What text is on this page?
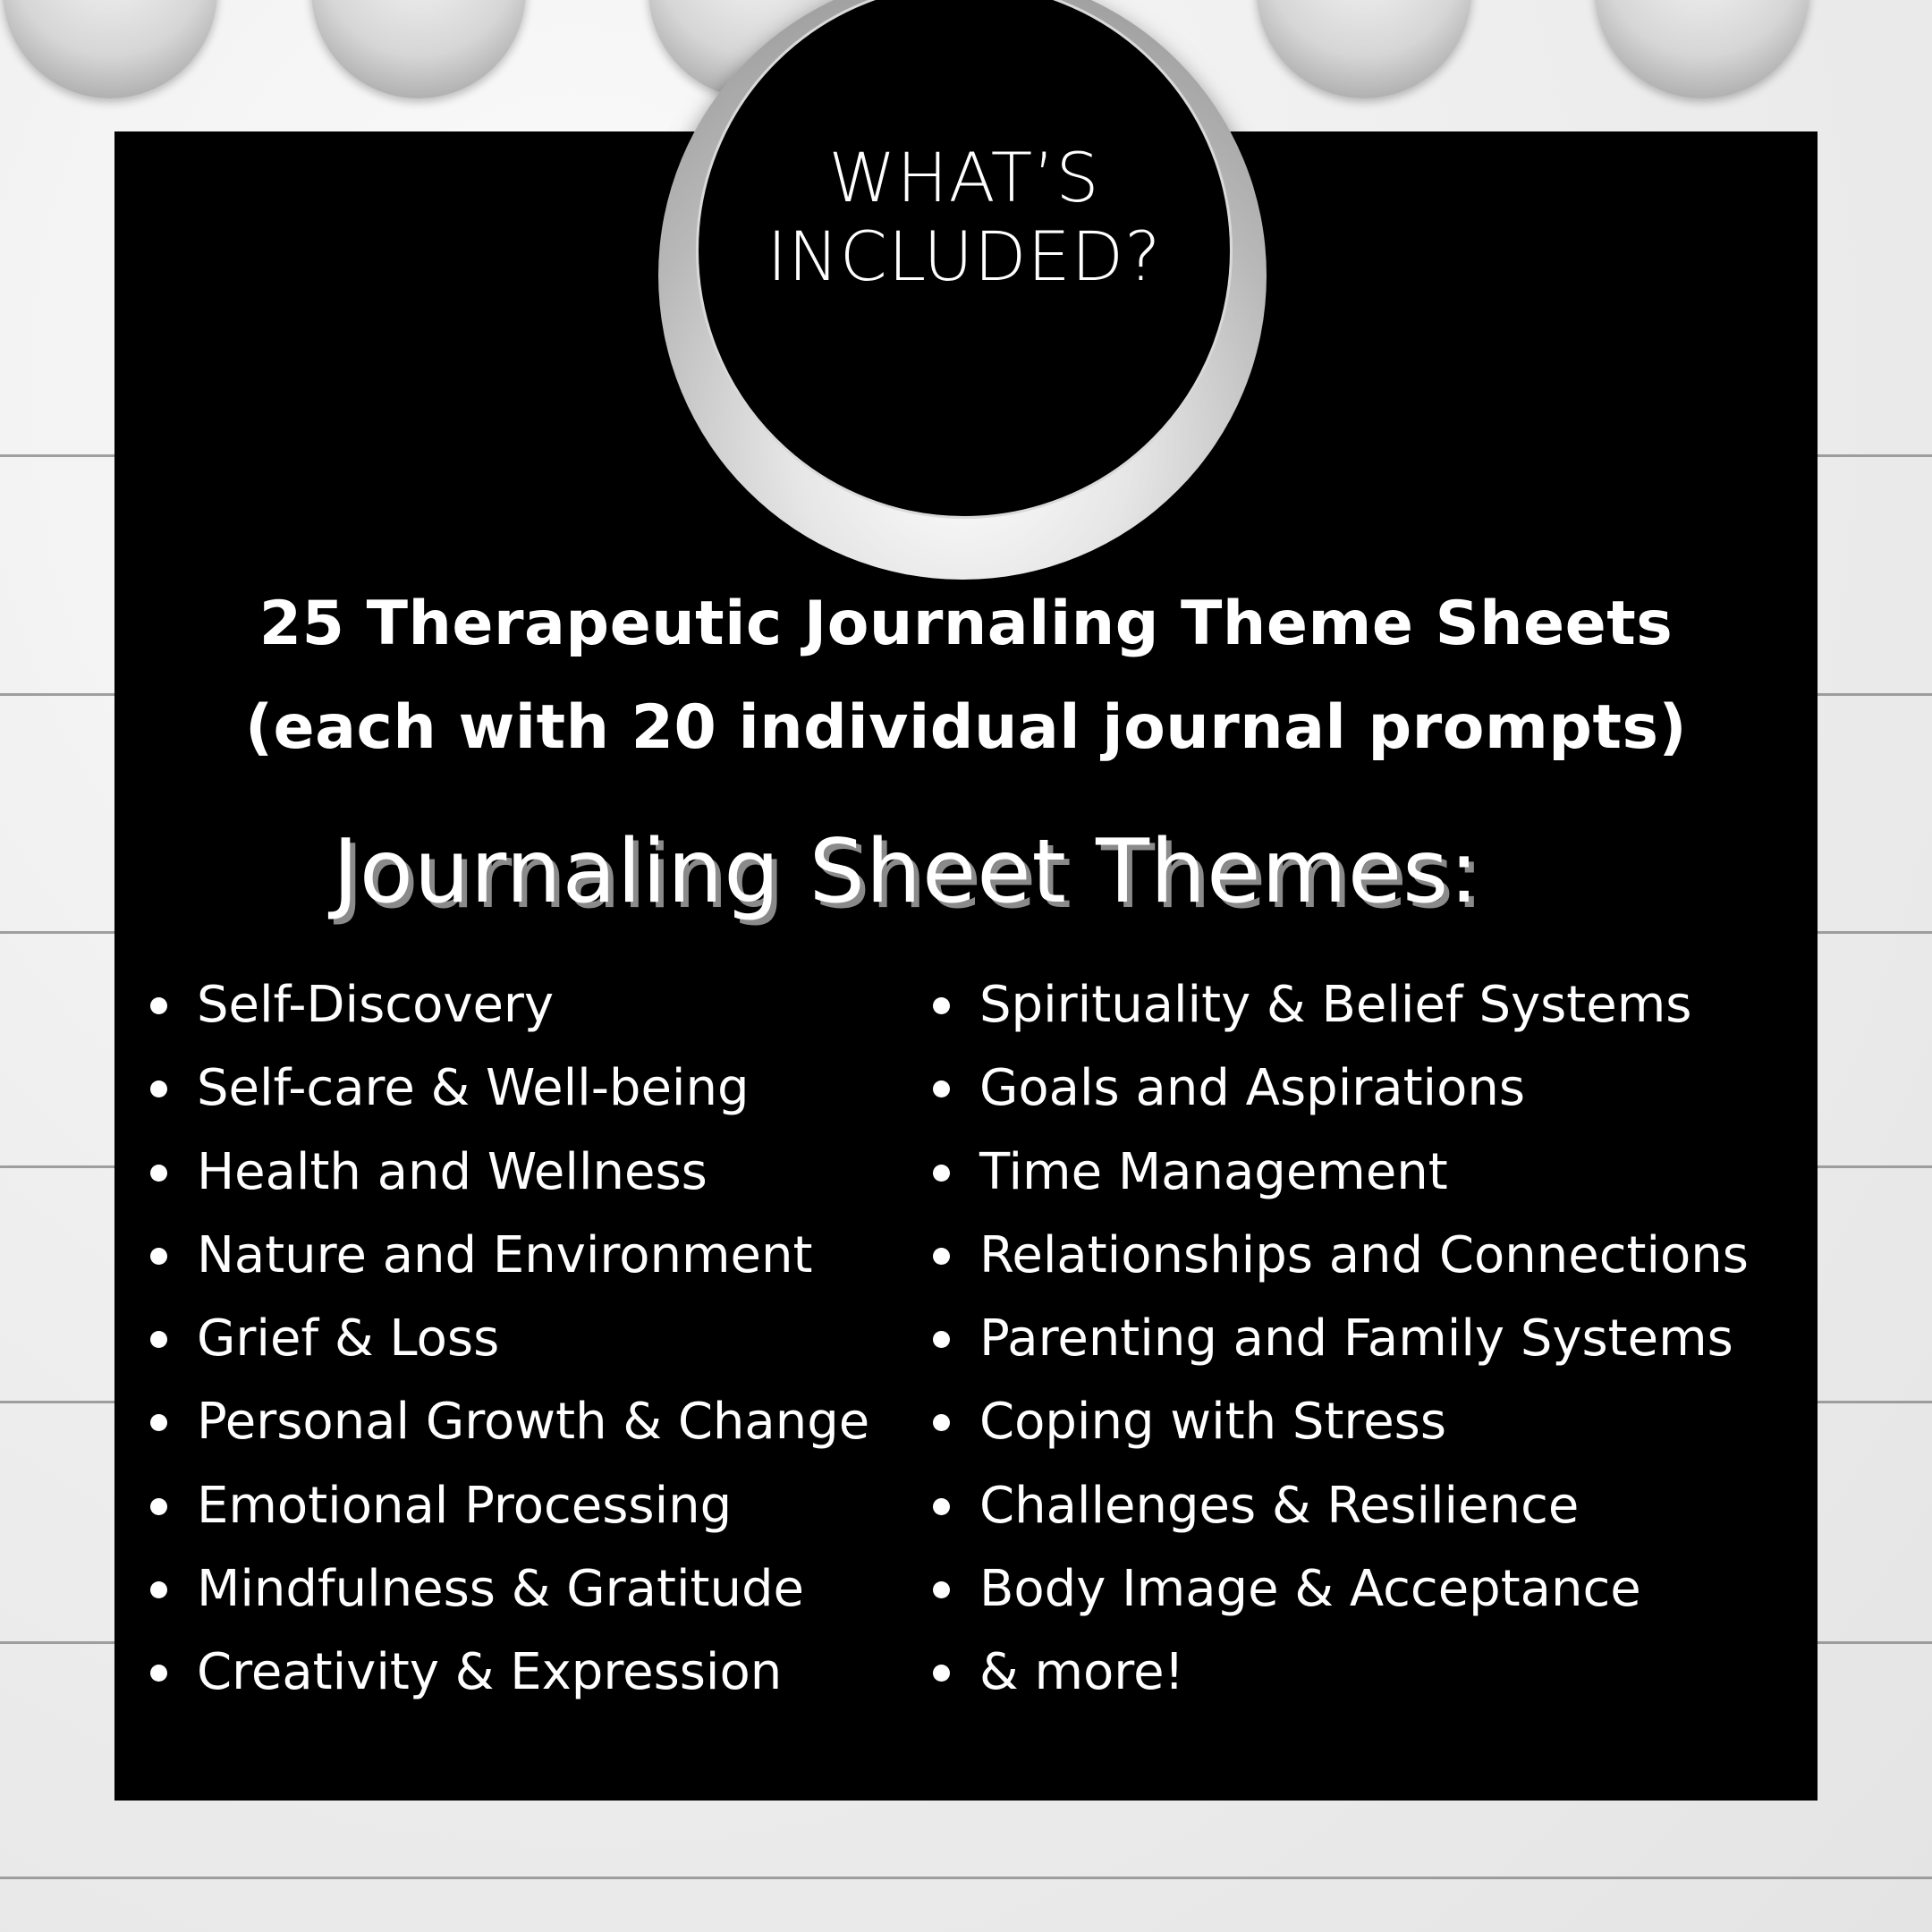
WHAT’S
INCLUDED?
25 Therapeutic Journaling Theme Sheets
(each with 20 individual journal prompts)
Journaling Sheet Themes:
Self-Discovery
Self-care & Well-being
Health and Wellness
Nature and Environment
Grief & Loss
Personal Growth & Change
Emotional Processing
Mindfulness & Gratitude
Creativity & Expression
Spirituality & Belief Systems
Goals and Aspirations
Time Management
Relationships and Connections
Parenting and Family Systems
Coping with Stress
Challenges & Resilience
Body Image & Acceptance
& more!
